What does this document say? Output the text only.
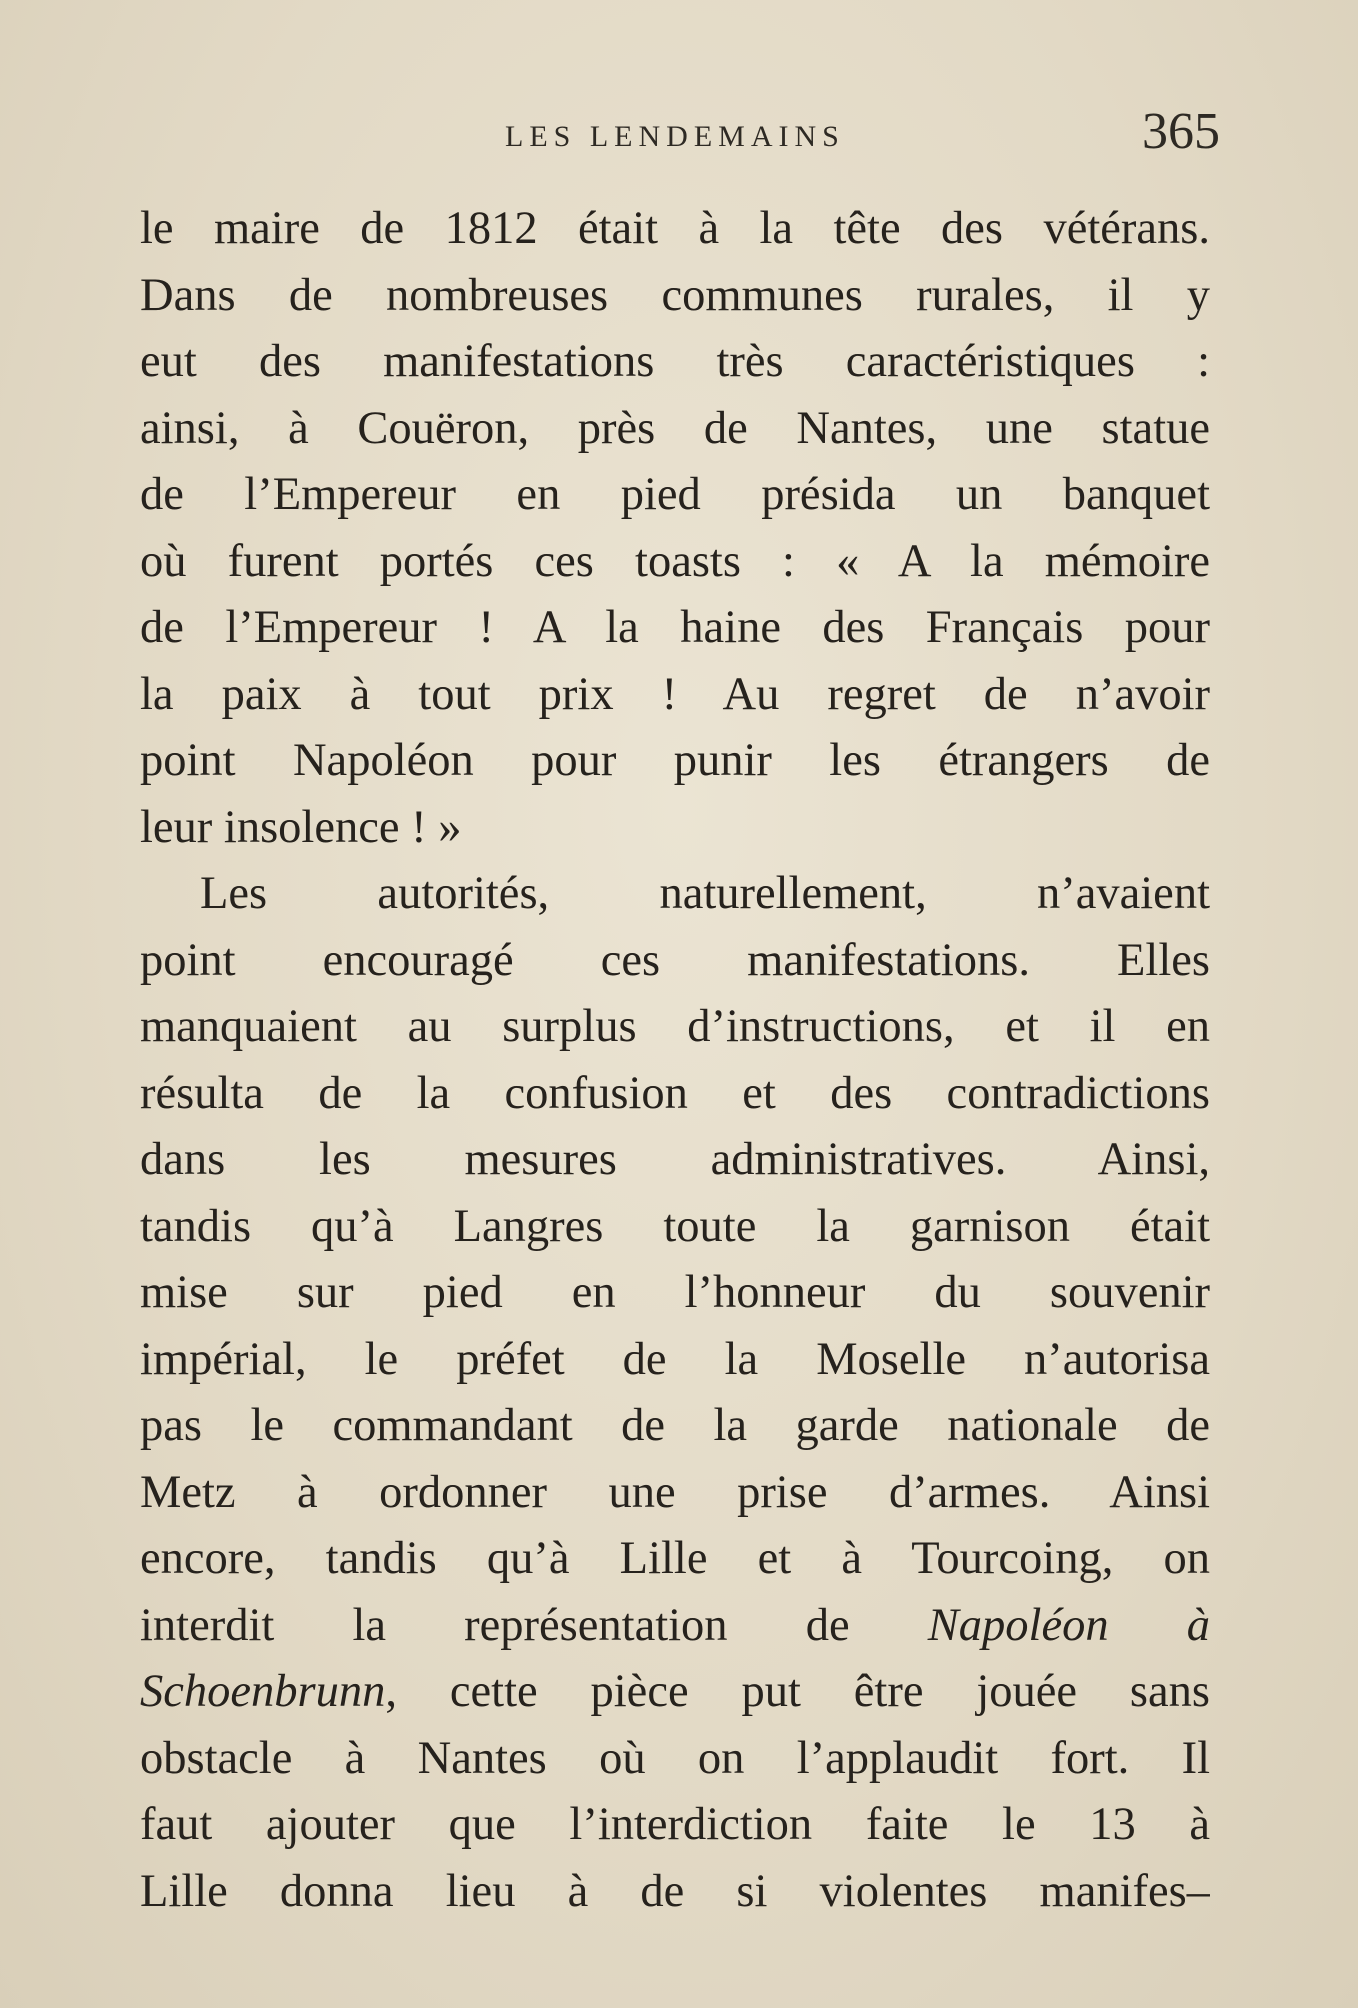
LES LENDEMAINS	365
le maire de 1812 était à la tête des vétérans.
Dans de nombreuses communes rurales, il y
eut des manifestations très caractéristiques :
ainsi, à Couëron, près de Nantes, une statue
de l’Empereur en pied présida un banquet
où furent portés ces toasts : « A la mémoire
de l’Empereur ! A la haine des Français pour
la paix à tout prix ! Au regret de n’avoir
point Napoléon pour punir les étrangers de
leur insolence ! »
Les autorités, naturellement, n’avaient
point encouragé ces manifestations. Elles
manquaient au surplus d’instructions, et il en
résulta de la confusion et des contradictions
dans les mesures administratives. Ainsi,
tandis qu’à Langres toute la garnison était
mise sur pied en l’honneur du souvenir
impérial, le préfet de la Moselle n’autorisa
pas le commandant de la garde nationale de
Metz à ordonner une prise d’armes. Ainsi
encore, tandis qu’à Lille et à Tourcoing, on
interdit la représentation de Napoléon à
Schoenbrunn, cette pièce put être jouée sans
obstacle à Nantes où on l’applaudit fort. Il
faut ajouter que l’interdiction faite le 13 à
Lille donna lieu à de si violentes manifes–
